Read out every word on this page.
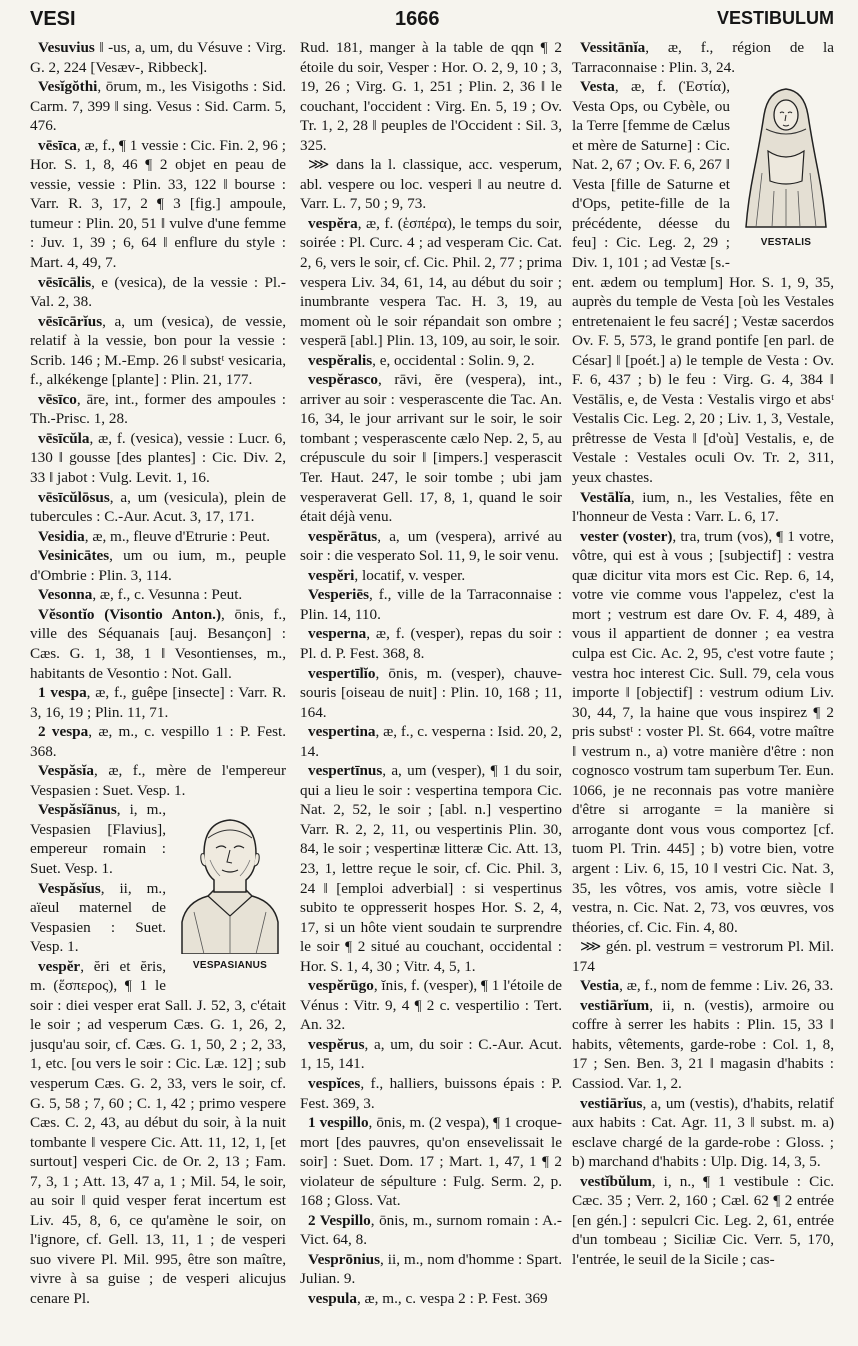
VESI	1666	VESTIBULUM

Vesuvius ‖ -us, a, um, du Vésuve : Virg. G. 2, 224 [Vesæv-, Ribbeck].

Vesĭgŏthi, ōrum, m., les Visigoths : Sid. Carm. 7, 399 ‖ sing. Vesus : Sid. Carm. 5, 476.

vēsīca, æ, f., ¶ 1 vessie : Cic. Fin. 2, 96 ; Hor. S. 1, 8, 46 ¶ 2 objet en peau de vessie, vessie : Plin. 33, 122 ‖ bourse : Varr. R. 3, 17, 2 ¶ 3 [fig.] ampoule, tumeur : Plin. 20, 51 ‖ vulve d'une femme : Juv. 1, 39 ; 6, 64 ‖ enflure du style : Mart. 4, 49, 7.

vēsīcālis, e (vesica), de la vessie : Pl.-Val. 2, 38.

vēsīcārĭus, a, um (vesica), de vessie, relatif à la vessie, bon pour la vessie : Scrib. 146 ; M.-Emp. 26 ‖ substᵗ vesicaria, f., alkékenge [plante] : Plin. 21, 177.

vēsīco, āre, int., former des ampoules : Th.-Prisc. 1, 28.

vēsīcŭla, æ, f. (vesica), vessie : Lucr. 6, 130 ‖ gousse [des plantes] : Cic. Div. 2, 33 ‖ jabot : Vulg. Levit. 1, 16.

vēsīcŭlōsus, a, um (vesicula), plein de tubercules : C.-Aur. Acut. 3, 17, 171.

Vesidia, æ, m., fleuve d'Etrurie : Peut.

Vesinicātes, um ou ium, m., peuple d'Ombrie : Plin. 3, 114.

Vesonna, æ, f., c. Vesunna : Peut.

Vĕsontĭo (Visontio Anton.), ōnis, f., ville des Séquanais [auj. Besançon] : Cæs. G. 1, 38, 1 ‖ Vesontienses, m., habitants de Vesontio : Not. Gall.

1 vespa, æ, f., guêpe [insecte] : Varr. R. 3, 16, 19 ; Plin. 11, 71.

2 vespa, æ, m., c. vespillo 1 : P. Fest. 368.

Vespăsĭa, æ, f., mère de l'empereur Vespasien : Suet. Vesp. 1.

VESPASIANUS

Vespăsĭānus, i, m., Vespasien [Flavius], empereur romain : Suet. Vesp. 1.

Vespăsĭus, ii, m., aïeul maternel de Vespasien : Suet. Vesp. 1.

vespĕr, ĕri et ĕris, m. (ἕσπερος), ¶ 1 le soir : diei vesper erat Sall. J. 52, 3, c'était le soir ; ad vesperum Cæs. G. 1, 26, 2, jusqu'au soir, cf. Cæs. G. 1, 50, 2 ; 2, 33, 1, etc. [ou vers le soir : Cic. Læ. 12] ; sub vesperum Cæs. G. 2, 33, vers le soir, cf. G. 5, 58 ; 7, 60 ; C. 1, 42 ; primo vespere Cæs. C. 2, 43, au début du soir, à la nuit tombante ‖ vespere Cic. Att. 11, 12, 1, [et surtout] vesperi Cic. de Or. 2, 13 ; Fam. 7, 3, 1 ; Att. 13, 47 a, 1 ; Mil. 54, le soir, au soir ‖ quid vesper ferat incertum est Liv. 45, 8, 6, ce qu'amène le soir, on l'ignore, cf. Gell. 13, 11, 1 ; de vesperi suo vivere Pl. Mil. 995, être son maître, vivre à sa guise ; de vesperi alicujus cenare Pl.

Rud. 181, manger à la table de qqn ¶ 2 étoile du soir, Vesper : Hor. O. 2, 9, 10 ; 3, 19, 26 ; Virg. G. 1, 251 ; Plin. 2, 36 ‖ le couchant, l'occident : Virg. En. 5, 19 ; Ov. Tr. 1, 2, 28 ‖ peuples de l'Occident : Sil. 3, 325.

⋙ dans la l. classique, acc. vesperum, abl. vespere ou loc. vesperi ‖ au neutre d. Varr. L. 7, 50 ; 9, 73.

vespĕra, æ, f. (ἑσπέρα), le temps du soir, soirée : Pl. Curc. 4 ; ad vesperam Cic. Cat. 2, 6, vers le soir, cf. Cic. Phil. 2, 77 ; prima vespera Liv. 34, 61, 14, au début du soir ; inumbrante vespera Tac. H. 3, 19, au moment où le soir répandait son ombre ; vesperā [abl.] Plin. 13, 109, au soir, le soir.

vespĕralis, e, occidental : Solin. 9, 2.

vespĕrasco, rāvi, ĕre (vespera), int., arriver au soir : vesperascente die Tac. An. 16, 34, le jour arrivant sur le soir, le soir tombant ; vesperascente cælo Nep. 2, 5, au crépuscule du soir ‖ [impers.] vesperascit Ter. Haut. 247, le soir tombe ; ubi jam vesperaverat Gell. 17, 8, 1, quand le soir était déjà venu.

vespĕrātus, a, um (vespera), arrivé au soir : die vesperato Sol. 11, 9, le soir venu.

vespĕri, locatif, v. vesper.

Vesperiēs, f., ville de la Tarraconnaise : Plin. 14, 110.

vesperna, æ, f. (vesper), repas du soir : Pl. d. P. Fest. 368, 8.

vespertīlĭo, ōnis, m. (vesper), chauve-souris [oiseau de nuit] : Plin. 10, 168 ; 11, 164.

vespertina, æ, f., c. vesperna : Isid. 20, 2, 14.

vespertīnus, a, um (vesper), ¶ 1 du soir, qui a lieu le soir : vespertina tempora Cic. Nat. 2, 52, le soir ; [abl. n.] vespertino Varr. R. 2, 2, 11, ou vespertinis Plin. 30, 84, le soir ; vespertinæ litteræ Cic. Att. 13, 23, 1, lettre reçue le soir, cf. Cic. Phil. 3, 24 ‖ [emploi adverbial] : si vespertinus subito te oppresserit hospes Hor. S. 2, 4, 17, si un hôte vient soudain te surprendre le soir ¶ 2 situé au couchant, occidental : Hor. S. 1, 4, 30 ; Vitr. 4, 5, 1.

vespĕrūgo, ĭnis, f. (vesper), ¶ 1 l'étoile de Vénus : Vitr. 9, 4 ¶ 2 c. vespertilio : Tert. An. 32.

vespĕrus, a, um, du soir : C.-Aur. Acut. 1, 15, 141.

vespĭces, f., halliers, buissons épais : P. Fest. 369, 3.

1 vespillo, ōnis, m. (2 vespa), ¶ 1 croque-mort [des pauvres, qu'on ensevelissait le soir] : Suet. Dom. 17 ; Mart. 1, 47, 1 ¶ 2 violateur de sépulture : Fulg. Serm. 2, p. 168 ; Gloss. Vat.

2 Vespillo, ōnis, m., surnom romain : A.-Vict. 64, 8.

Vesprōnius, ii, m., nom d'homme : Spart. Julian. 9.

vespula, æ, m., c. vespa 2 : P. Fest. 369

Vessitānĭa, æ, f., région de la Tarraconnaise : Plin. 3, 24.

VESTALIS

Vesta, æ, f. (Ἑστία), Vesta Ops, ou Cybèle, ou la Terre [femme de Cælus et mère de Saturne] : Cic. Nat. 2, 67 ; Ov. F. 6, 267 ‖ Vesta [fille de Saturne et d'Ops, petite-fille de la précédente, déesse du feu] : Cic. Leg. 2, 29 ; Div. 1, 101 ; ad Vestæ [s.-ent. ædem ou templum] Hor. S. 1, 9, 35, auprès du temple de Vesta [où les Vestales entretenaient le feu sacré] ; Vestæ sacerdos Ov. F. 5, 573, le grand pontife [en parl. de César] ‖ [poét.] a) le temple de Vesta : Ov. F. 6, 437 ; b) le feu : Virg. G. 4, 384 ‖ Vestālis, e, de Vesta : Vestalis virgo et absᵗ Vestalis Cic. Leg. 2, 20 ; Liv. 1, 3, Vestale, prêtresse de Vesta ‖ [d'où] Vestalis, e, de Vestale : Vestales oculi Ov. Tr. 2, 311, yeux chastes.

Vestālĭa, ium, n., les Vestalies, fête en l'honneur de Vesta : Varr. L. 6, 17.

vester (voster), tra, trum (vos), ¶ 1 votre, vôtre, qui est à vous ; [subjectif] : vestra quæ dicitur vita mors est Cic. Rep. 6, 14, votre vie comme vous l'appelez, c'est la mort ; vestrum est dare Ov. F. 4, 489, à vous il appartient de donner ; ea vestra culpa est Cic. Ac. 2, 95, c'est votre faute ; vestra hoc interest Cic. Sull. 79, cela vous importe ‖ [objectif] : vestrum odium Liv. 30, 44, 7, la haine que vous inspirez ¶ 2 pris substᵗ : voster Pl. St. 664, votre maître ‖ vestrum n., a) votre manière d'être : non cognosco vostrum tam superbum Ter. Eun. 1066, je ne reconnais pas votre manière d'être si arrogante = la manière si arrogante dont vous vous comportez [cf. tuom Pl. Trin. 445] ; b) votre bien, votre argent : Liv. 6, 15, 10 ‖ vestri Cic. Nat. 3, 35, les vôtres, vos amis, votre siècle ‖ vestra, n. Cic. Nat. 2, 73, vos œuvres, vos théories, cf. Cic. Fin. 4, 80.

⋙ gén. pl. vestrum = vestrorum Pl. Mil. 174

Vestia, æ, f., nom de femme : Liv. 26, 33.

vestiārĭum, ii, n. (vestis), armoire ou coffre à serrer les habits : Plin. 15, 33 ‖ habits, vêtements, garde-robe : Col. 1, 8, 17 ; Sen. Ben. 3, 21 ‖ magasin d'habits : Cassiod. Var. 1, 2.

vestiārĭus, a, um (vestis), d'habits, relatif aux habits : Cat. Agr. 11, 3 ‖ subst. m. a) esclave chargé de la garde-robe : Gloss. ; b) marchand d'habits : Ulp. Dig. 14, 3, 5.

vestĭbŭlum, i, n., ¶ 1 vestibule : Cic. Cæc. 35 ; Verr. 2, 160 ; Cæl. 62 ¶ 2 entrée [en gén.] : sepulcri Cic. Leg. 2, 61, entrée d'un tombeau ; Siciliæ Cic. Verr. 5, 170, l'entrée, le seuil de la Sicile ; cas-
